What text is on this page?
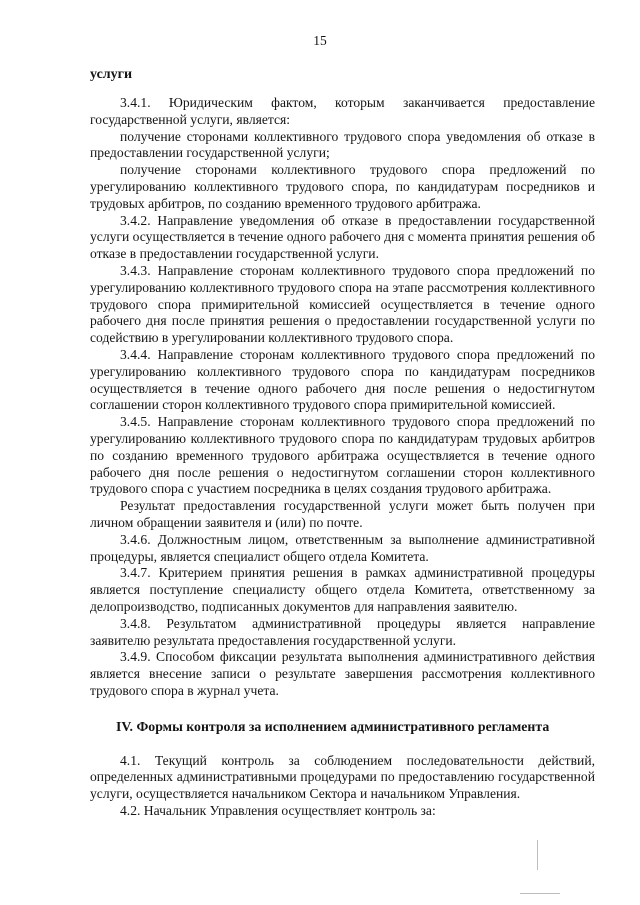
15
услуги

3.4.1. Юридическим фактом, которым заканчивается предоставление государственной услуги, является:

получение сторонами коллективного трудового спора уведомления об отказе в предоставлении государственной услуги;

получение сторонами коллективного трудового спора предложений по урегулированию коллективного трудового спора, по кандидатурам посредников и трудовых арбитров, по созданию временного трудового арбитража.

3.4.2. Направление уведомления об отказе в предоставлении государственной услуги осуществляется в течение одного рабочего дня с момента принятия решения об отказе в предоставлении государственной услуги.

3.4.3. Направление сторонам коллективного трудового спора предложений по урегулированию коллективного трудового спора на этапе рассмотрения коллективного трудового спора примирительной комиссией осуществляется в течение одного рабочего дня после принятия решения о предоставлении государственной услуги по содействию в урегулировании коллективного трудового спора.

3.4.4. Направление сторонам коллективного трудового спора предложений по урегулированию коллективного трудового спора по кандидатурам посредников осуществляется в течение одного рабочего дня после решения о недостигнутом соглашении сторон коллективного трудового спора примирительной комиссией.

3.4.5. Направление сторонам коллективного трудового спора предложений по урегулированию коллективного трудового спора по кандидатурам трудовых арбитров по созданию временного трудового арбитража осуществляется в течение одного рабочего дня после решения о недостигнутом соглашении сторон коллективного трудового спора с участием посредника в целях создания трудового арбитража.

Результат предоставления государственной услуги может быть получен при личном обращении заявителя и (или) по почте.

3.4.6. Должностным лицом, ответственным за выполнение административной процедуры, является специалист общего отдела Комитета.

3.4.7. Критерием принятия решения в рамках административной процедуры является поступление специалисту общего отдела Комитета, ответственному за делопроизводство, подписанных документов для направления заявителю.

3.4.8. Результатом административной процедуры является направление заявителю результата предоставления государственной услуги.

3.4.9. Способом фиксации результата выполнения административного действия является внесение записи о результате завершения рассмотрения коллективного трудового спора в журнал учета.

IV. Формы контроля за исполнением административного регламента

4.1. Текущий контроль за соблюдением последовательности действий, определенных административными процедурами по предоставлению государственной услуги, осуществляется начальником Сектора и начальником Управления.

4.2. Начальник Управления осуществляет контроль за:
